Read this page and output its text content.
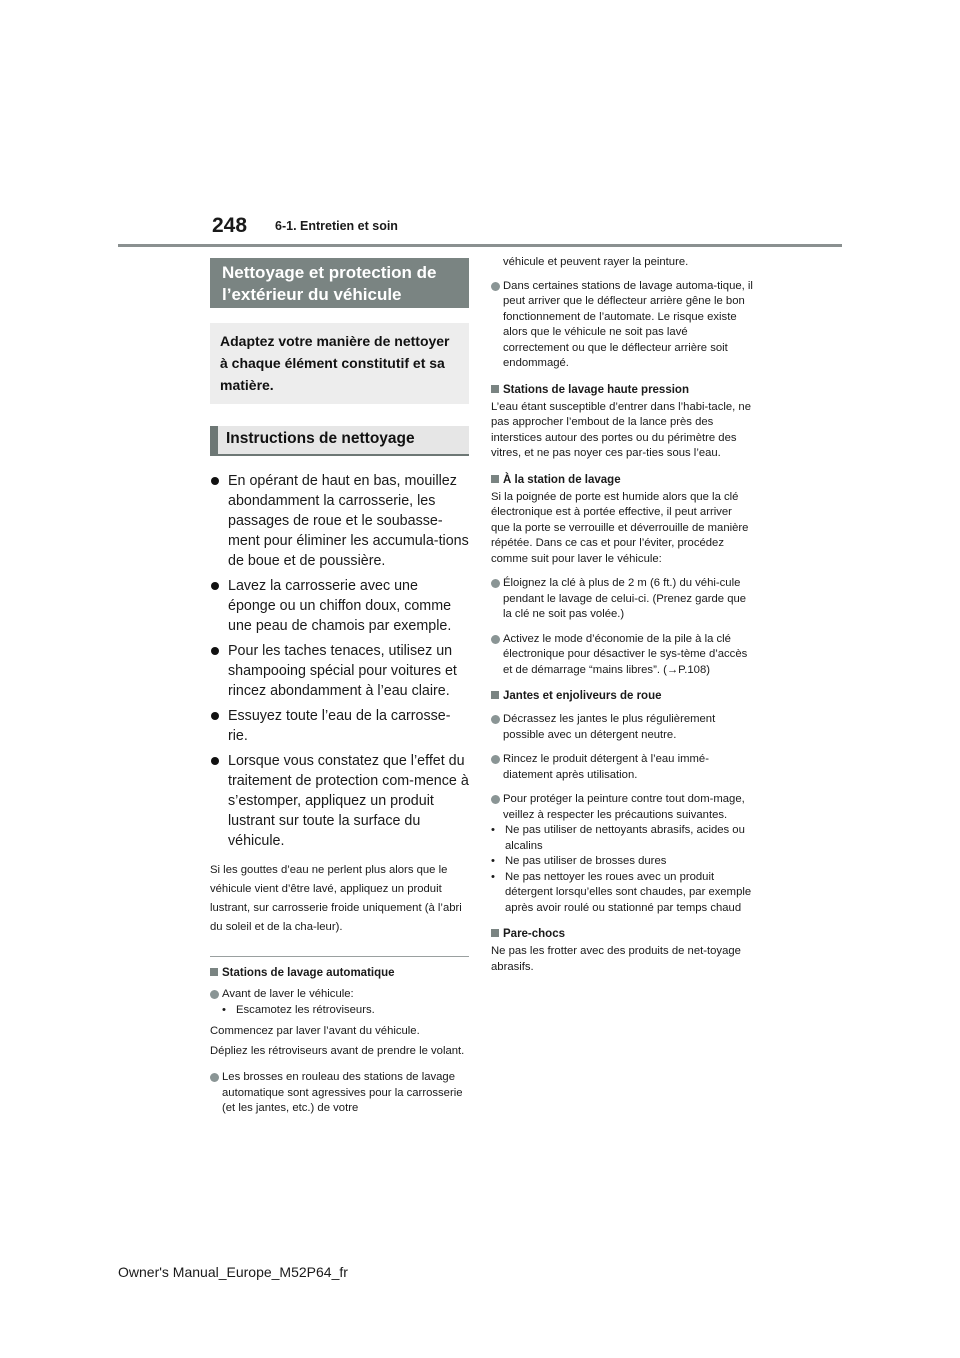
248 6-1. Entretien et soin
Nettoyage et protection de l’extérieur du véhicule
Adaptez votre manière de nettoyer à chaque élément constitutif et sa matière.
Instructions de nettoyage
En opérant de haut en bas, mouillez abondamment la carrosserie, les passages de roue et le soubasse-ment pour éliminer les accumula-tions de boue et de poussière.
Lavez la carrosserie avec une éponge ou un chiffon doux, comme une peau de chamois par exemple.
Pour les taches tenaces, utilisez un shampooing spécial pour voitures et rincez abondamment à l’eau claire.
Essuyez toute l’eau de la carrosse-rie.
Lorsque vous constatez que l’effet du traitement de protection com-mence à s’estomper, appliquez un produit lustrant sur toute la surface du véhicule.
Si les gouttes d’eau ne perlent plus alors que le véhicule vient d’être lavé, appliquez un produit lustrant, sur carrosserie froide uniquement (à l’abri du soleil et de la cha-leur).
Stations de lavage automatique
Avant de laver le véhicule:
• Escamotez les rétroviseurs.
Commencez par laver l’avant du véhicule.
Dépliez les rétroviseurs avant de prendre le volant.
Les brosses en rouleau des stations de lavage automatique sont agressives pour la carrosserie (et les jantes, etc.) de votre
véhicule et peuvent rayer la peinture.
Dans certaines stations de lavage automa-tique, il peut arriver que le déflecteur arrière gêne le bon fonctionnement de l’automate. Le risque existe alors que le véhicule ne soit pas lavé correctement ou que le déflecteur arrière soit endommagé.
Stations de lavage haute pression
L’eau étant susceptible d’entrer dans l’habi-tacle, ne pas approcher l’embout de la lance près des interstices autour des portes ou du périmètre des vitres, et ne pas noyer ces par-ties sous l’eau.
À la station de lavage
Si la poignée de porte est humide alors que la clé électronique est à portée effective, il peut arriver que la porte se verrouille et déverrouille de manière répétée. Dans ce cas et pour l’éviter, procédez comme suit pour laver le véhicule:
Éloignez la clé à plus de 2 m (6 ft.) du véhi-cule pendant le lavage de celui-ci. (Prenez garde que la clé ne soit pas volée.)
Activez le mode d’économie de la pile à la clé électronique pour désactiver le sys-tème d’accès et de démarrage “mains libres”. (→P.108)
Jantes et enjoliveurs de roue
Décrassez les jantes le plus régulièrement possible avec un détergent neutre.
Rincez le produit détergent à l’eau immé-diatement après utilisation.
Pour protéger la peinture contre tout dom-mage, veillez à respecter les précautions suivantes.
• Ne pas utiliser de nettoyants abrasifs, acides ou alcalins
• Ne pas utiliser de brosses dures
• Ne pas nettoyer les roues avec un produit détergent lorsqu’elles sont chaudes, par exemple après avoir roulé ou stationné par temps chaud
Pare-chocs
Ne pas les frotter avec des produits de net-toyage abrasifs.
Owner's Manual_Europe_M52P64_fr
